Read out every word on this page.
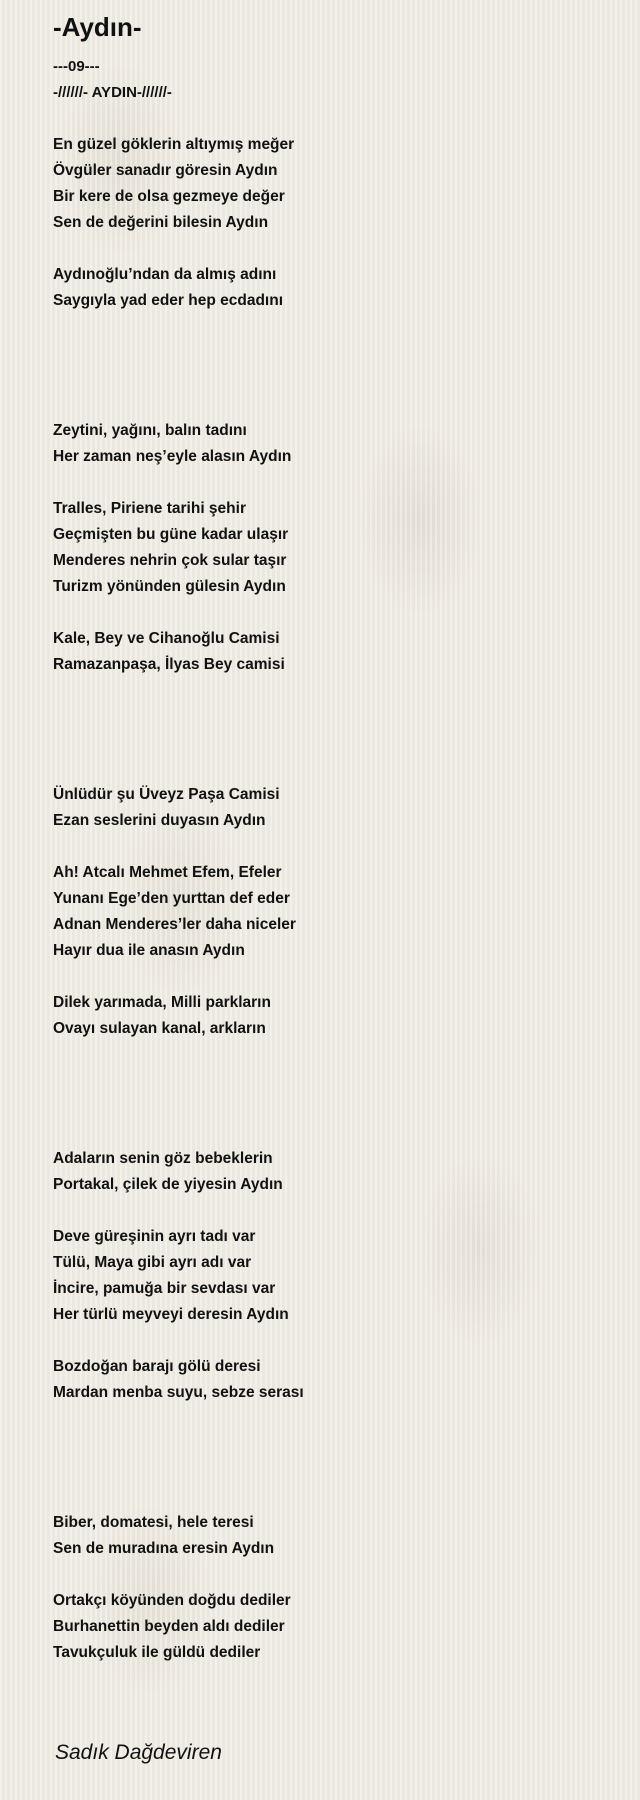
-Aydın-
---09---
-//////- AYDIN-//////-
En güzel göklerin altıymış meğer
Övgüler sanadır göresin Aydın
Bir kere de olsa gezmeye değer
Sen de değerini bilesin Aydın
Aydınoğlu’ndan da almış adını
Saygıyla yad eder hep ecdadını
Zeytini, yağını, balın tadını
Her zaman neş’eyle alasın Aydın
Tralles, Piriene tarihi şehir
Geçmişten bu güne kadar ulaşır
Menderes nehrin çok sular taşır
Turizm yönünden gülesin Aydın
Kale, Bey ve Cihanoğlu Camisi
Ramazanpaşa, İlyas Bey camisi
Ünlüdür şu Üveyz Paşa Camisi
Ezan seslerini duyasın Aydın
Ah! Atcalı Mehmet Efem, Efeler
Yunanı Ege’den yurttan def eder
Adnan Menderes’ler daha niceler
Hayır dua ile anasın Aydın
Dilek yarımada, Milli parkların
Ovayı sulayan kanal, arkların
Adaların senin göz bebeklerin
Portakal, çilek de yiyesin Aydın
Deve güreşinin ayrı tadı var
Tülü, Maya gibi ayrı adı var
İncire, pamuğa bir sevdası var
Her türlü meyveyi deresin Aydın
Bozdoğan barajı gölü deresi
Mardan menba suyu, sebze serası
Biber, domatesi, hele teresi
Sen de muradına eresin Aydın
Ortakçı köyünden doğdu dediler
Burhanettin beyden aldı dediler
Tavukçuluk ile güldü dediler
Sadık Dağdeviren
